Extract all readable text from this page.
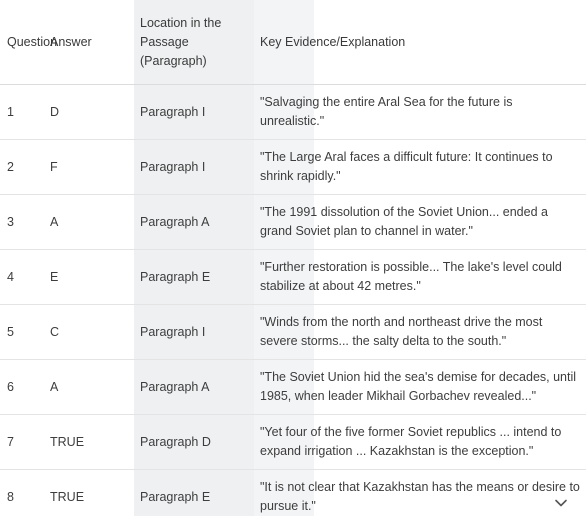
Question	Answer	Location in the Passage (Paragraph)	Key Evidence/Explanation
1	D	Paragraph I	"Salvaging the entire Aral Sea for the future is unrealistic."
2	F	Paragraph I	"The Large Aral faces a difficult future: It continues to shrink rapidly."
3	A	Paragraph A	"The 1991 dissolution of the Soviet Union... ended a grand Soviet plan to channel in water."
4	E	Paragraph E	"Further restoration is possible... The lake's level could stabilize at about 42 metres."
5	C	Paragraph I	"Winds from the north and northeast drive the most severe storms... the salty delta to the south."
6	A	Paragraph A	"The Soviet Union hid the sea's demise for decades, until 1985, when leader Mikhail Gorbachev revealed..."
7	TRUE	Paragraph D	"Yet four of the five former Soviet republics ... intend to expand irrigation ... Kazakhstan is the exception."
8	TRUE	Paragraph E	"It is not clear that Kazakhstan has the means or desire to pursue it."
